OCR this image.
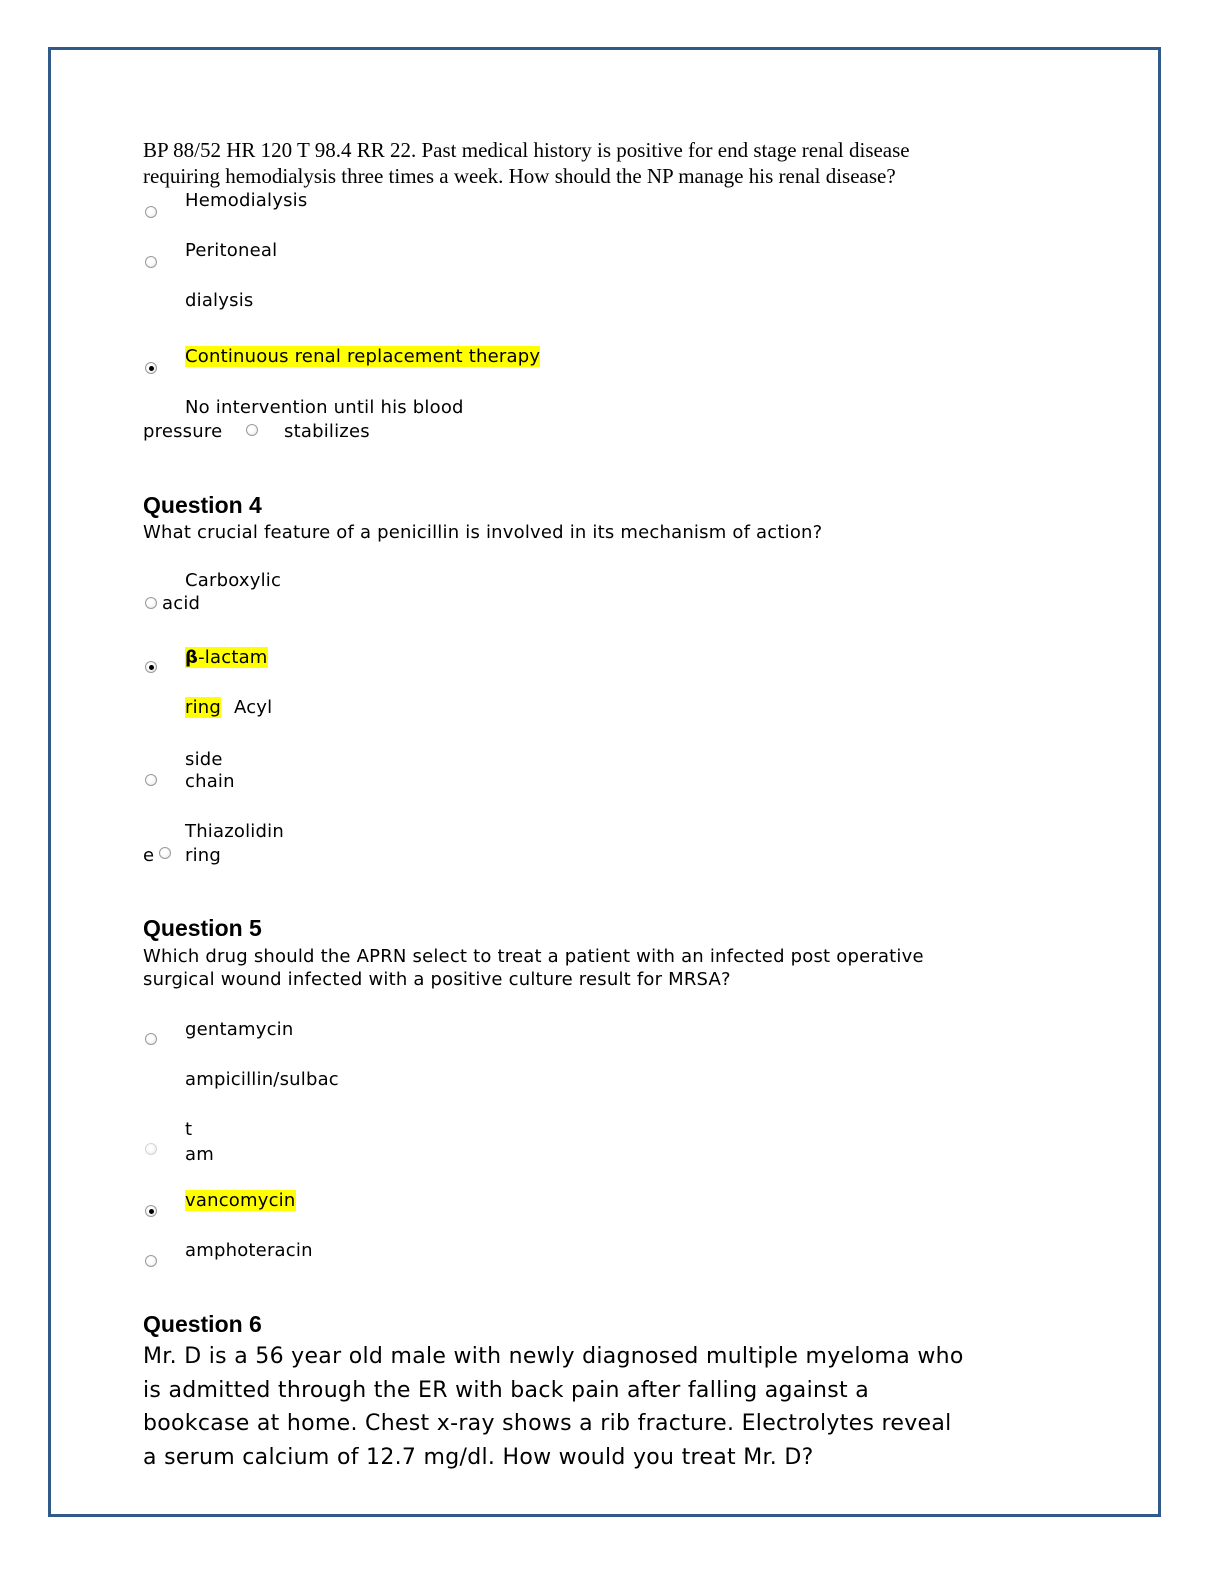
BP 88/52 HR 120 T 98.4 RR 22. Past medical history is positive for end stage renal disease
requiring hemodialysis three times a week. How should the NP manage his renal disease?
Hemodialysis
Peritoneal
dialysis
Continuous renal replacement therapy
No intervention until his blood
pressure	stabilizes
Question 4
What crucial feature of a penicillin is involved in its mechanism of action?
Carboxylic
acid
β-lactam
ring Acyl
side
chain
Thiazolidin
e ring
Question 5
Which drug should the APRN select to treat a patient with an infected post operative
surgical wound infected with a positive culture result for MRSA?
gentamycin
ampicillin/sulbac
t
am
vancomycin
amphoteracin
Question 6
Mr. D is a 56 year old male with newly diagnosed multiple myeloma who
is admitted through the ER with back pain after falling against a
bookcase at home. Chest x-ray shows a rib fracture. Electrolytes reveal
a serum calcium of 12.7 mg/dl. How would you treat Mr. D?
